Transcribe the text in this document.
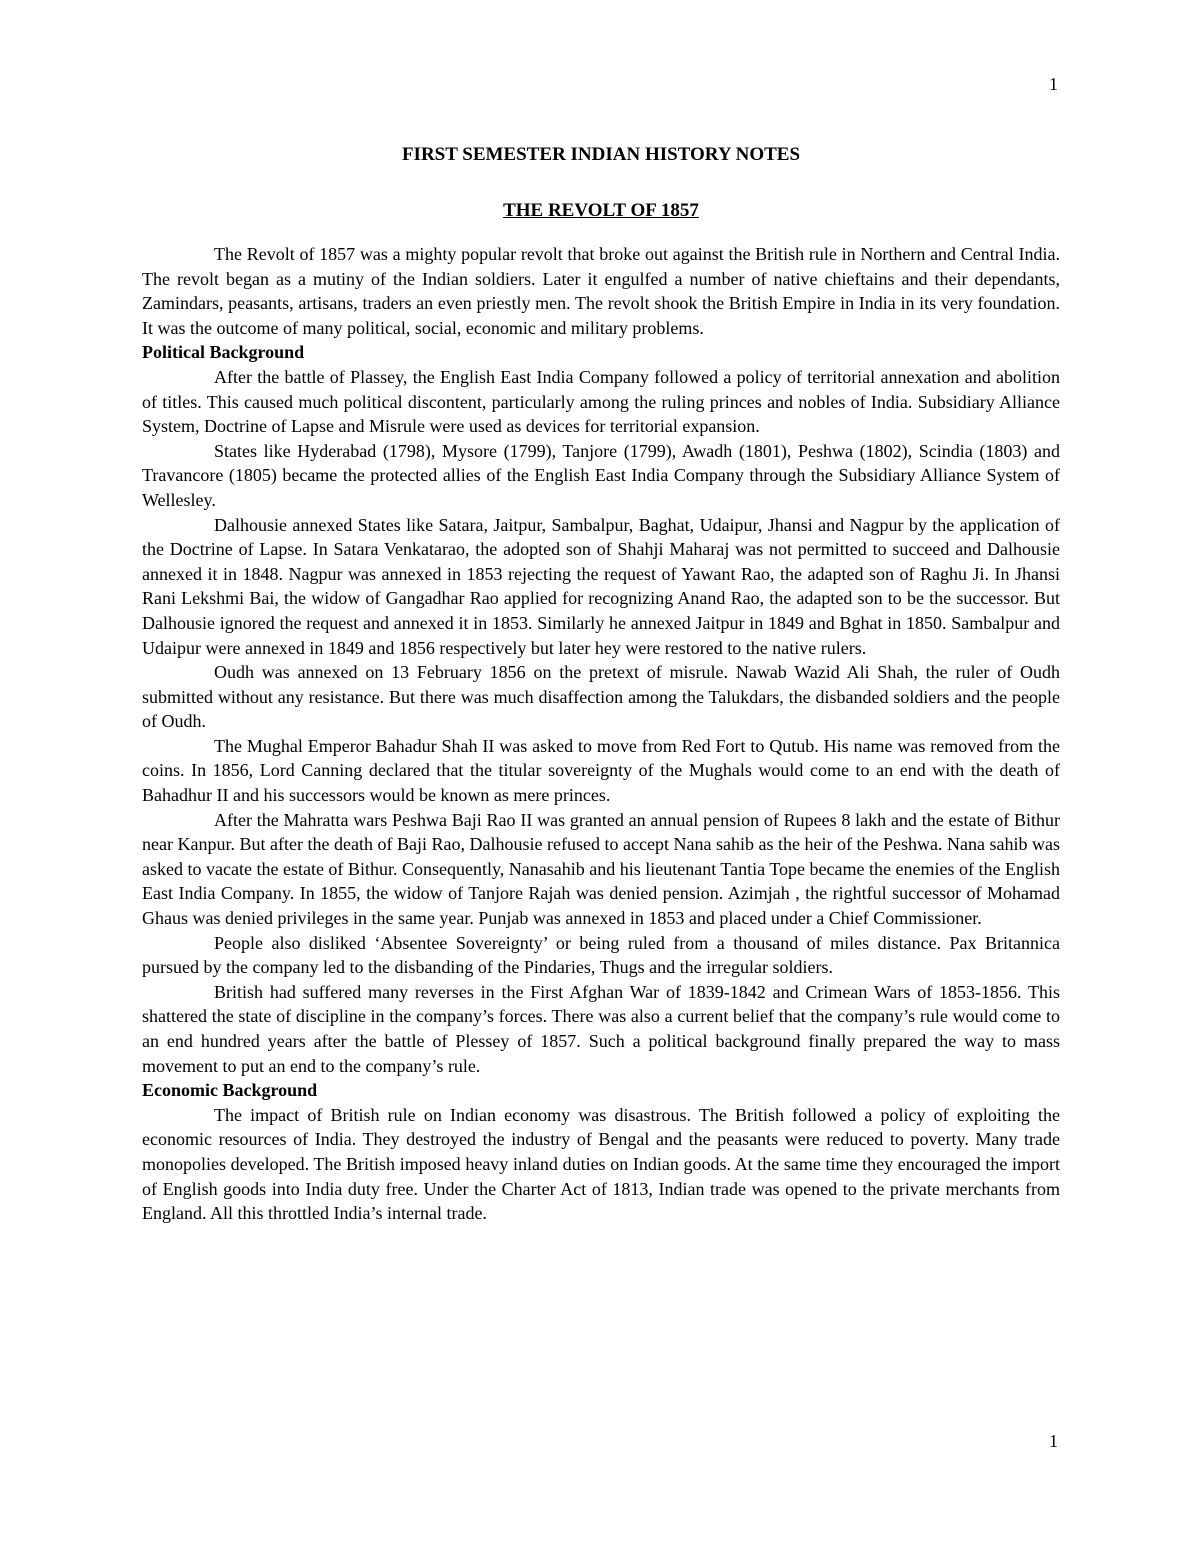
1
FIRST SEMESTER INDIAN HISTORY NOTES
THE REVOLT OF 1857

The Revolt of 1857 was a mighty popular revolt that broke out against the British rule in Northern and Central India. The revolt began as a mutiny of the Indian soldiers. Later it engulfed a number of native chieftains and their dependants, Zamindars, peasants, artisans, traders an even priestly men. The revolt shook the British Empire in India in its very foundation. It was the outcome of many political, social, economic and military problems.

Political Background

After the battle of Plassey, the English East India Company followed a policy of territorial annexation and abolition of titles. This caused much political discontent, particularly among the ruling princes and nobles of India. Subsidiary Alliance System, Doctrine of Lapse and Misrule were used as devices for territorial expansion.

States like Hyderabad (1798), Mysore (1799), Tanjore (1799), Awadh (1801), Peshwa (1802), Scindia (1803) and Travancore (1805) became the protected allies of the English East India Company through the Subsidiary Alliance System of Wellesley.

Dalhousie annexed States like Satara, Jaitpur, Sambalpur, Baghat, Udaipur, Jhansi and Nagpur by the application of the Doctrine of Lapse. In Satara Venkatarao, the adopted son of Shahji Maharaj was not permitted to succeed and Dalhousie annexed it in 1848. Nagpur was annexed in 1853 rejecting the request of Yawant Rao, the adapted son of Raghu Ji. In Jhansi Rani Lekshmi Bai, the widow of Gangadhar Rao applied for recognizing Anand Rao, the adapted son to be the successor. But Dalhousie ignored the request and annexed it in 1853. Similarly he annexed Jaitpur in 1849 and Bghat in 1850. Sambalpur and Udaipur were annexed in 1849 and 1856 respectively but later hey were restored to the native rulers.

Oudh was annexed on 13 February 1856 on the pretext of misrule. Nawab Wazid Ali Shah, the ruler of Oudh submitted without any resistance. But there was much disaffection among the Talukdars, the disbanded soldiers and the people of Oudh.

The Mughal Emperor Bahadur Shah II was asked to move from Red Fort to Qutub. His name was removed from the coins. In 1856, Lord Canning declared that the titular sovereignty of the Mughals would come to an end with the death of Bahadhur II and his successors would be known as mere princes.

After the Mahratta wars Peshwa Baji Rao II was granted an annual pension of Rupees 8 lakh and the estate of Bithur near Kanpur. But after the death of Baji Rao, Dalhousie refused to accept Nana sahib as the heir of the Peshwa. Nana sahib was asked to vacate the estate of Bithur. Consequently, Nanasahib and his lieutenant Tantia Tope became the enemies of the English East India Company. In 1855, the widow of Tanjore Rajah was denied pension. Azimjah , the rightful successor of Mohamad Ghaus was denied privileges in the same year. Punjab was annexed in 1853 and placed under a Chief Commissioner.

People also disliked ‘Absentee Sovereignty’ or being ruled from a thousand of miles distance. Pax Britannica pursued by the company led to the disbanding of the Pindaries, Thugs and the irregular soldiers.

British had suffered many reverses in the First Afghan War of 1839-1842 and Crimean Wars of 1853-1856. This shattered the state of discipline in the company’s forces. There was also a current belief that the company’s rule would come to an end hundred years after the battle of Plessey of 1857. Such a political background finally prepared the way to mass movement to put an end to the company’s rule.

Economic Background

The impact of British rule on Indian economy was disastrous. The British followed a policy of exploiting the economic resources of India. They destroyed the industry of Bengal and the peasants were reduced to poverty. Many trade monopolies developed. The British imposed heavy inland duties on Indian goods. At the same time they encouraged the import of English goods into India duty free. Under the Charter Act of 1813, Indian trade was opened to the private merchants from England. All this throttled India’s internal trade.

1
